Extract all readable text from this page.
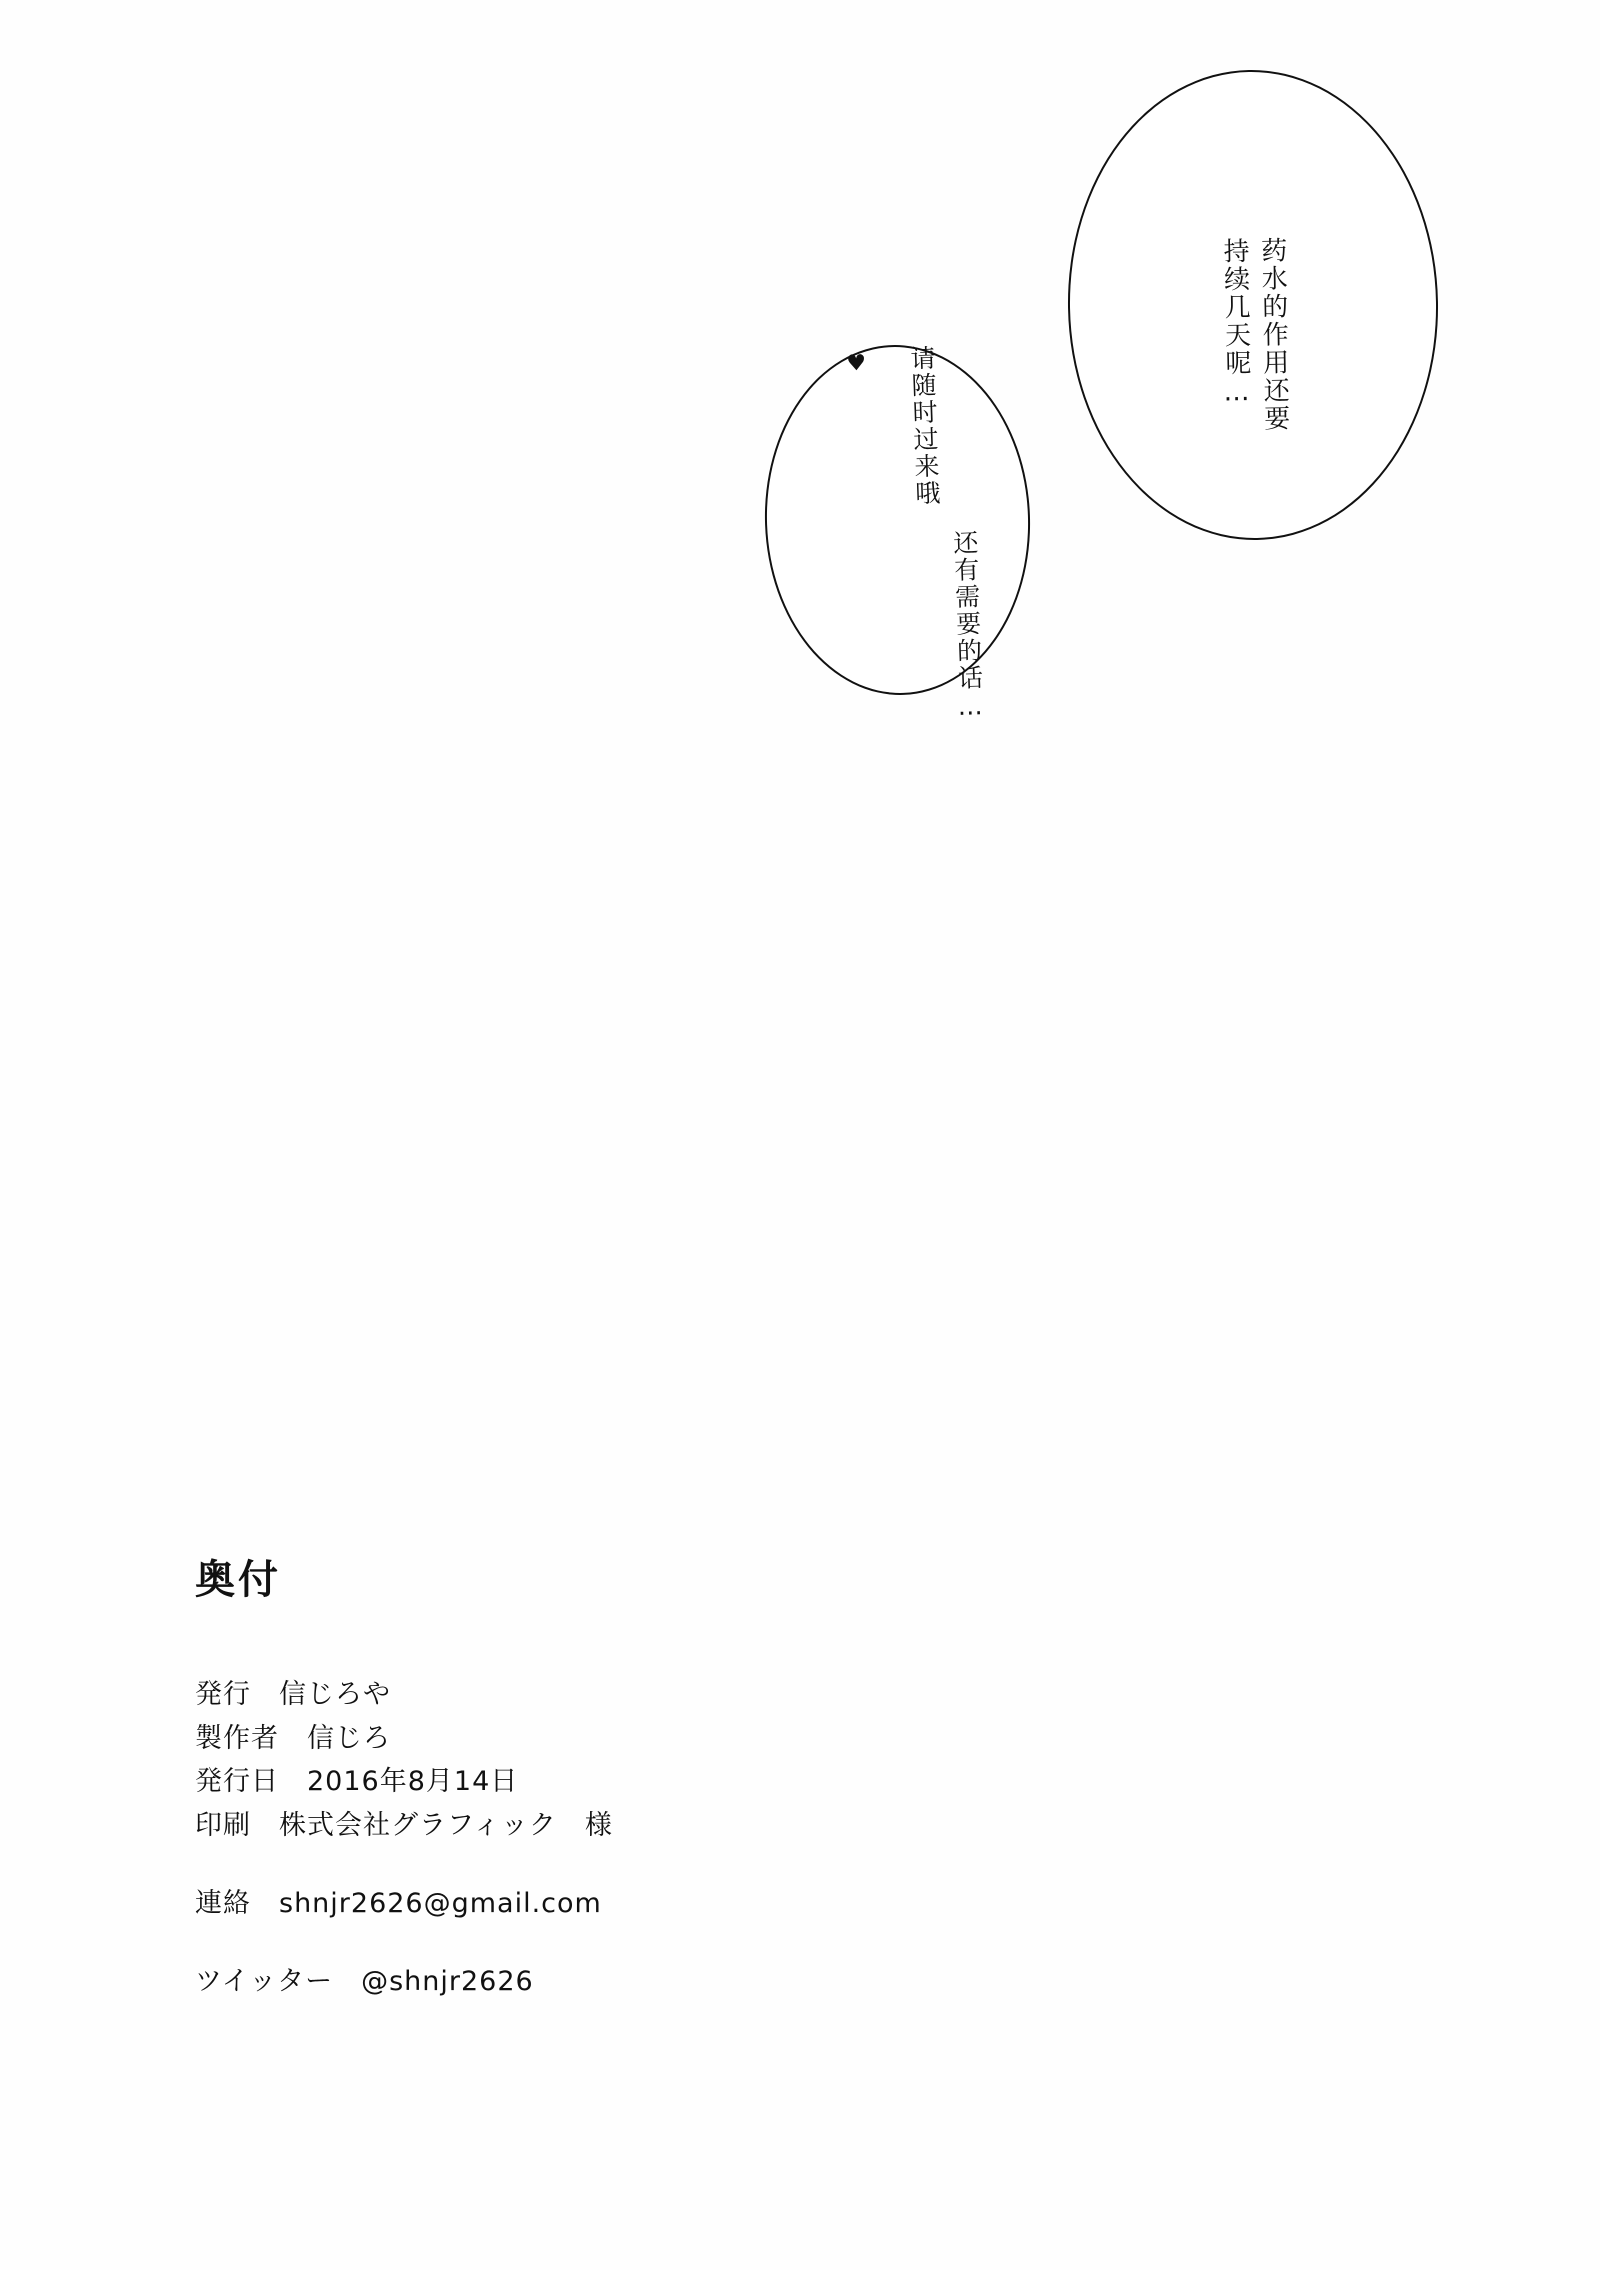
药水的作用还要
持续几天呢…

还有需要的话…
请随时过来哦

♥

奥付
発行　信じろや
製作者　信じろ
発行日　2016年8月14日
印刷　株式会社グラフィック　様
連絡　shnjr2626@gmail.com
ツイッター　@shnjr2626
